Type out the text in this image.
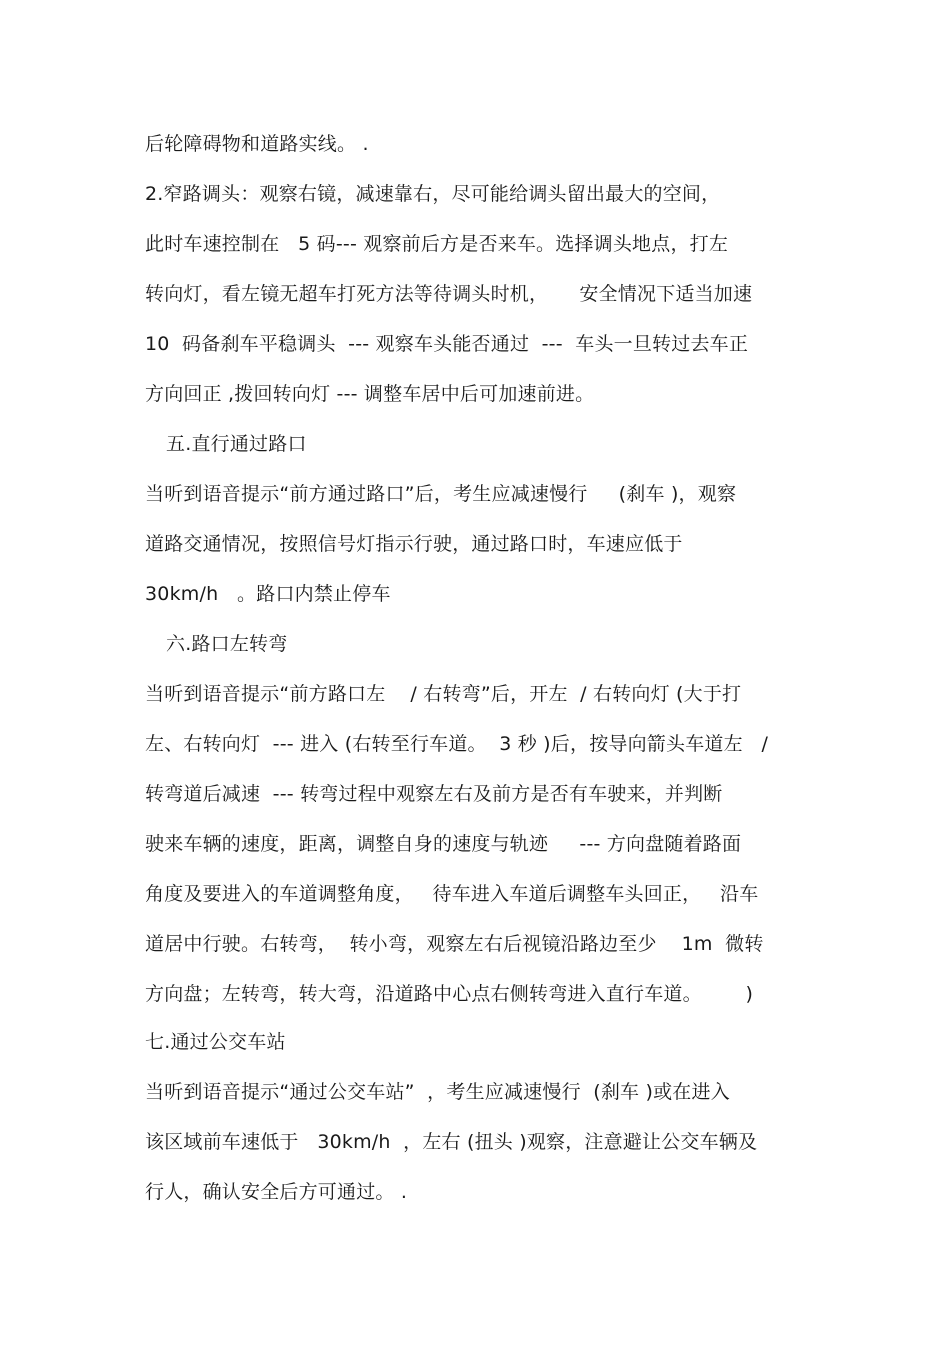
后轮障碍物和道路实线。 .
2.窄路调头：观察右镜，减速靠右，尽可能给调头留出最大的空间，
此时车速控制在   5 码--- 观察前后方是否来车。选择调头地点，打左
转向灯，看左镜无超车打死方法等待调头时机，     安全情况下适当加速
10  码备刹车平稳调头  --- 观察车头能否通过  ---  车头一旦转过去车正
方向回正 ,拨回转向灯 --- 调整车居中后可加速前进。
五.直行通过路口
当听到语音提示“前方通过路口”后，考生应减速慢行     (刹车 )，观察
道路交通情况，按照信号灯指示行驶，通过路口时，车速应低于
30km/h   。路口内禁止停车
六.路口左转弯
当听到语音提示“前方路口左    / 右转弯”后，开左  / 右转向灯 (大于打
左、右转向灯  --- 进入 (右转至行车道。  3 秒 )后，按导向箭头车道左   /
转弯道后减速  --- 转弯过程中观察左右及前方是否有车驶来，并判断
驶来车辆的速度，距离，调整自身的速度与轨迹     --- 方向盘随着路面
角度及要进入的车道调整角度，   待车进入车道后调整车头回正，   沿车
道居中行驶。右转弯，  转小弯，观察左右后视镜沿路边至少    1m  微转
方向盘；左转弯，转大弯，沿道路中心点右侧转弯进入直行车道。       )
七.通过公交车站
当听到语音提示“通过公交车站”  ，考生应减速慢行  (刹车 )或在进入
该区域前车速低于   30km/h  ，左右 (扭头 )观察，注意避让公交车辆及
行人，确认安全后方可通过。 .
